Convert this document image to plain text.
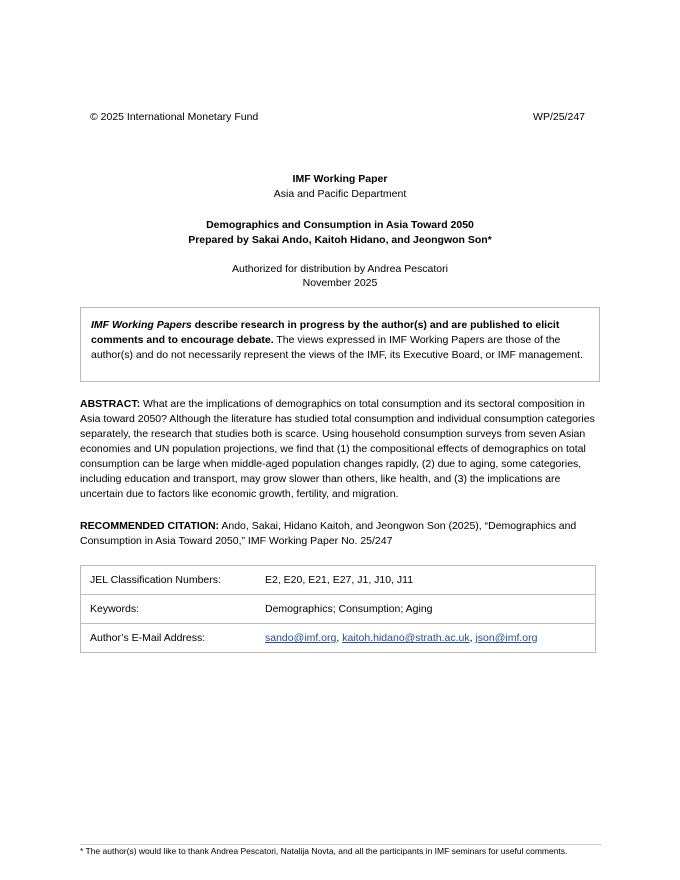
© 2025 International Monetary Fund	WP/25/247
IMF Working Paper
Asia and Pacific Department
Demographics and Consumption in Asia Toward 2050
Prepared by Sakai Ando, Kaitoh Hidano, and Jeongwon Son*
Authorized for distribution by Andrea Pescatori
November 2025
IMF Working Papers describe research in progress by the author(s) and are published to elicit comments and to encourage debate. The views expressed in IMF Working Papers are those of the author(s) and do not necessarily represent the views of the IMF, its Executive Board, or IMF management.
ABSTRACT: What are the implications of demographics on total consumption and its sectoral composition in Asia toward 2050? Although the literature has studied total consumption and individual consumption categories separately, the research that studies both is scarce. Using household consumption surveys from seven Asian economies and UN population projections, we find that (1) the compositional effects of demographics on total consumption can be large when middle-aged population changes rapidly, (2) due to aging, some categories, including education and transport, may grow slower than others, like health, and (3) the implications are uncertain due to factors like economic growth, fertility, and migration.
RECOMMENDED CITATION: Ando, Sakai, Hidano Kaitoh, and Jeongwon Son (2025), “Demographics and Consumption in Asia Toward 2050,” IMF Working Paper No. 25/247
JEL Classification Numbers:	E2, E20, E21, E27, J1, J10, J11
Keywords:	Demographics; Consumption; Aging
Author’s E-Mail Address:	sando@imf.org, kaitoh.hidano@strath.ac.uk, json@imf.org
* The author(s) would like to thank Andrea Pescatori, Natalija Novta, and all the participants in IMF seminars for useful comments.
